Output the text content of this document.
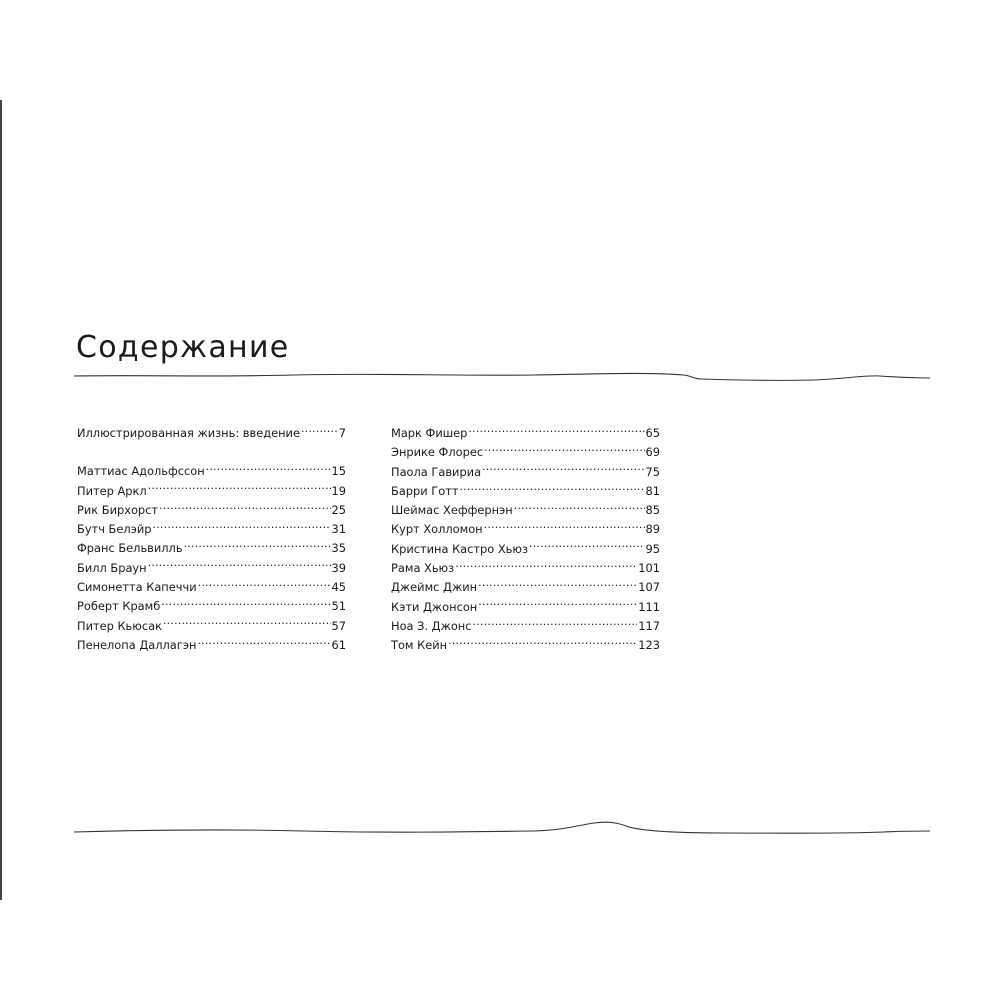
Содержание
Иллюстрированная жизнь: введение .....	7
Маттиас Адольфссон .....	15
Питер Аркл .....	19
Рик Бирхорст .....	25
Бутч Белэйр .....	31
Франс Бельвилль .....	35
Билл Браун .....	39
Симонетта Капеччи .....	45
Роберт Крамб .....	51
Питер Кьюсак .....	57
Пенелопа Даллагэн .....	61
Марк Фишер .....	65
Энрике Флорес .....	69
Паола Гавириа .....	75
Барри Готт .....	81
Шеймас Хеффернэн .....	85
Курт Холломон .....	89
Кристина Кастро Хьюз .....	95
Рама Хьюз .....	101
Джеймс Джин .....	107
Кэти Джонсон .....	111
Ноа З. Джонс .....	117
Том Кейн .....	123
